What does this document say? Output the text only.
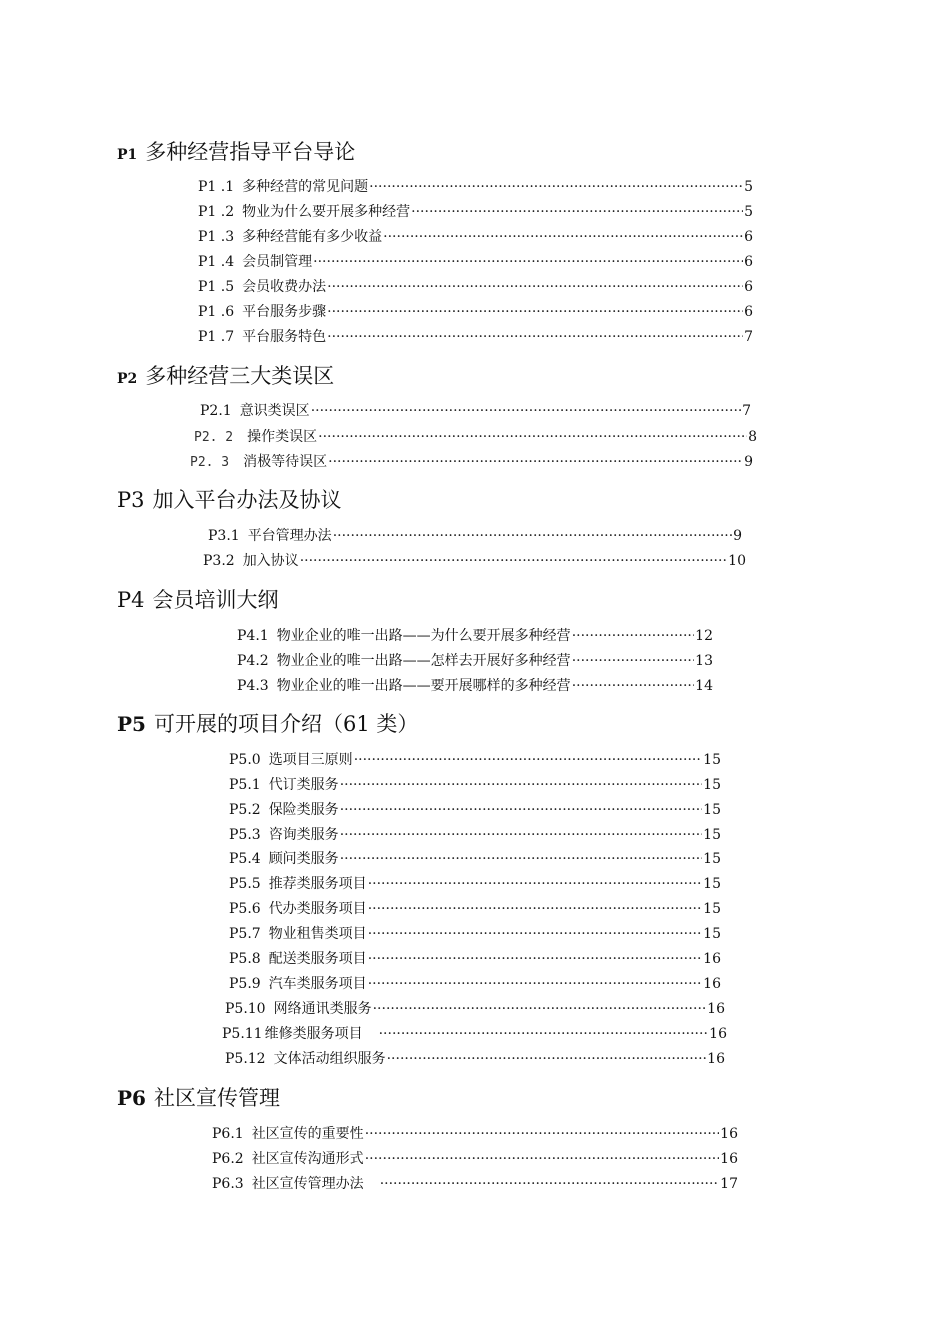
P1 多种经营指导平台导论
P1 .1 多种经营的常见问题 ·····	5
P1 .2 物业为什么要开展多种经营 ·····	5
P1 .3 多种经营能有多少收益 ·····	6
P1 .4 会员制管理 ·····	6
P1 .5 会员收费办法 ·····	6
P1 .6 平台服务步骤 ·····	6
P1 .7 平台服务特色 ·····	7
P2 多种经营三大类误区
P2.1 意识类误区 ·····	7
P2. 2 操作类误区 ·····	8
P2. 3 消极等待误区 ·····	9
P3 加入平台办法及协议
P3.1 平台管理办法 ·····	9
P3.2 加入协议 ·····	10
P4 会员培训大纲
P4.1 物业企业的唯一出路——为什么要开展多种经营 ·····	12
P4.2 物业企业的唯一出路——怎样去开展好多种经营 ·····	13
P4.3 物业企业的唯一出路——要开展哪样的多种经营 ·····	14
P5 可开展的项目介绍（61 类）
P5.0 选项目三原则 ·····	15
P5.1 代订类服务 ·····	15
P5.2 保险类服务 ·····	15
P5.3 咨询类服务 ·····	15
P5.4 顾问类服务 ·····	15
P5.5 推荐类服务项目 ·····	15
P5.6 代办类服务项目 ·····	15
P5.7 物业租售类项目 ·····	15
P5.8 配送类服务项目 ·····	16
P5.9 汽车类服务项目 ·····	16
P5.10 网络通讯类服务 ·····	16
P5.11 维修类服务项目 ·····	16
P5.12 文体活动组织服务 ·····	16
P6 社区宣传管理
P6.1 社区宣传的重要性 ·····	16
P6.2 社区宣传沟通形式 ·····	16
P6.3 社区宣传管理办法 ·····	17
